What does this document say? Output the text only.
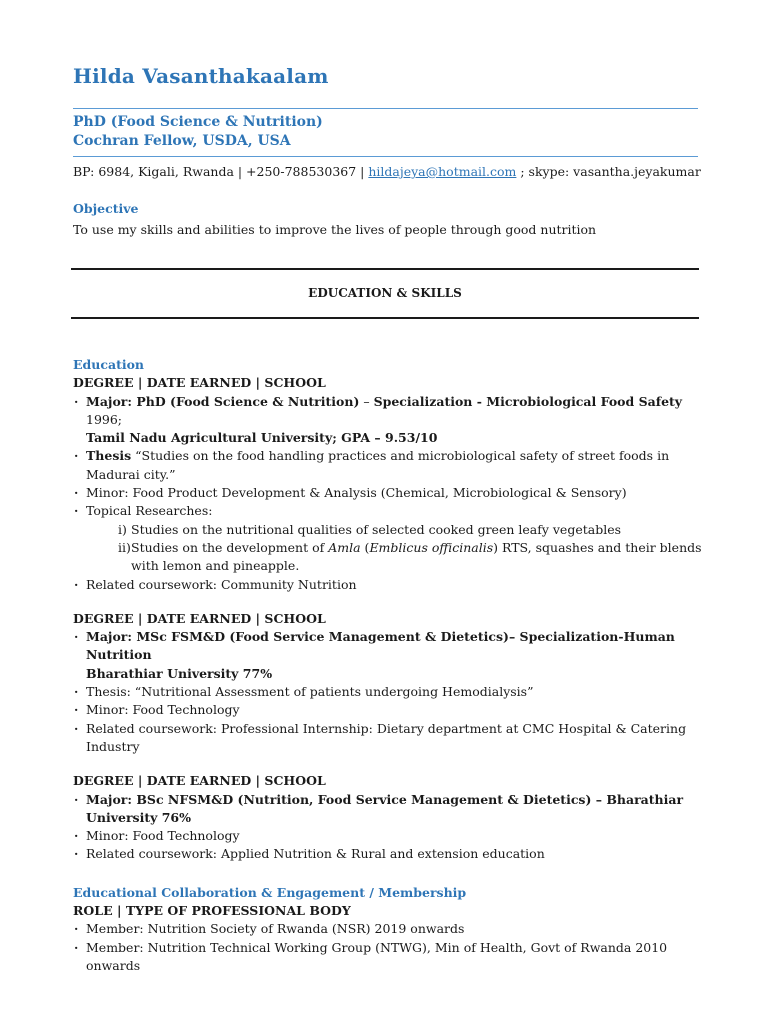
Hilda Vasanthakaalam
PhD (Food Science & Nutrition)
Cochran Fellow, USDA, USA
BP: 6984, Kigali, Rwanda | +250-788530367 | hildajeya@hotmail.com ; skype: vasantha.jeyakumar
Objective
To use my skills and abilities to improve the lives of people through good nutrition
EDUCATION & SKILLS
Education
DEGREE | DATE EARNED | SCHOOL
· Major: PhD (Food Science & Nutrition) – Specialization - Microbiological Food Safety 1996;
Tamil Nadu Agricultural University; GPA – 9.53/10
· Thesis “Studies on the food handling practices and microbiological safety of street foods in
Madurai city.”
· Minor: Food Product Development & Analysis (Chemical, Microbiological & Sensory)
· Topical Researches:
i) Studies on the nutritional qualities of selected cooked green leafy vegetables
ii) Studies on the development of Amla (Emblicus officinalis) RTS, squashes and their blends
with lemon and pineapple.
· Related coursework: Community Nutrition
DEGREE | DATE EARNED | SCHOOL
· Major: MSc FSM&D (Food Service Management & Dietetics)– Specialization-Human Nutrition
Bharathiar University 77%
· Thesis: “Nutritional Assessment of patients undergoing Hemodialysis”
· Minor: Food Technology
· Related coursework: Professional Internship: Dietary department at CMC Hospital & Catering
Industry
DEGREE | DATE EARNED | SCHOOL
· Major: BSc NFSM&D (Nutrition, Food Service Management & Dietetics) – Bharathiar
University 76%
· Minor: Food Technology
· Related coursework: Applied Nutrition & Rural and extension education
Educational Collaboration & Engagement / Membership
ROLE | TYPE OF PROFESSIONAL BODY
· Member: Nutrition Society of Rwanda (NSR) 2019 onwards
· Member: Nutrition Technical Working Group (NTWG), Min of Health, Govt of Rwanda 2010
onwards
